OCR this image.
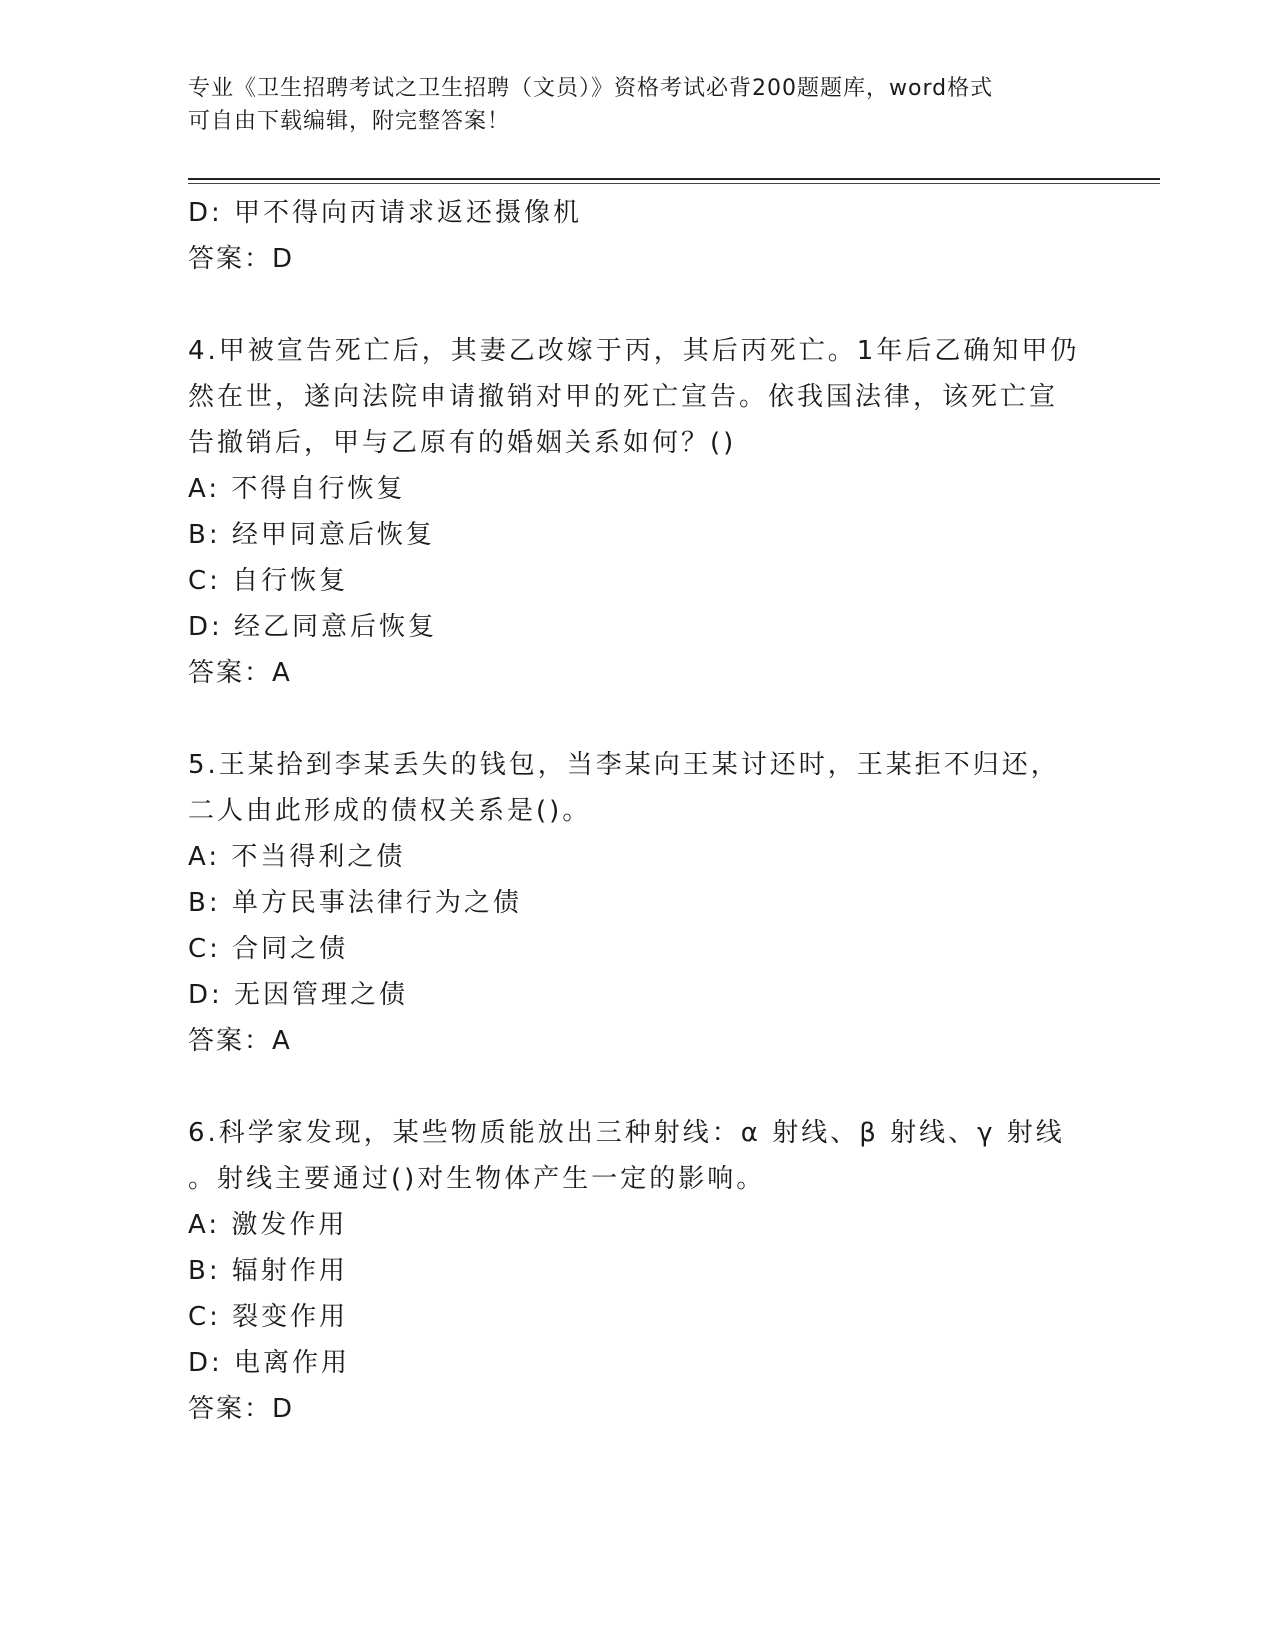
专业《卫生招聘考试之卫生招聘（文员）》资格考试必背200题题库，word格式
可自由下载编辑，附完整答案！
D: 甲不得向丙请求返还摄像机
答案：D
4.甲被宣告死亡后，其妻乙改嫁于丙，其后丙死亡。1年后乙确知甲仍
然在世，遂向法院申请撤销对甲的死亡宣告。依我国法律，该死亡宣
告撤销后，甲与乙原有的婚姻关系如何？()
A: 不得自行恢复
B: 经甲同意后恢复
C: 自行恢复
D: 经乙同意后恢复
答案：A
5.王某拾到李某丢失的钱包，当李某向王某讨还时，王某拒不归还，
二人由此形成的债权关系是()。
A: 不当得利之债
B: 单方民事法律行为之债
C: 合同之债
D: 无因管理之债
答案：A
6.科学家发现，某些物质能放出三种射线：α 射线、β 射线、γ 射线
。射线主要通过()对生物体产生一定的影响。
A: 激发作用
B: 辐射作用
C: 裂变作用
D: 电离作用
答案：D
